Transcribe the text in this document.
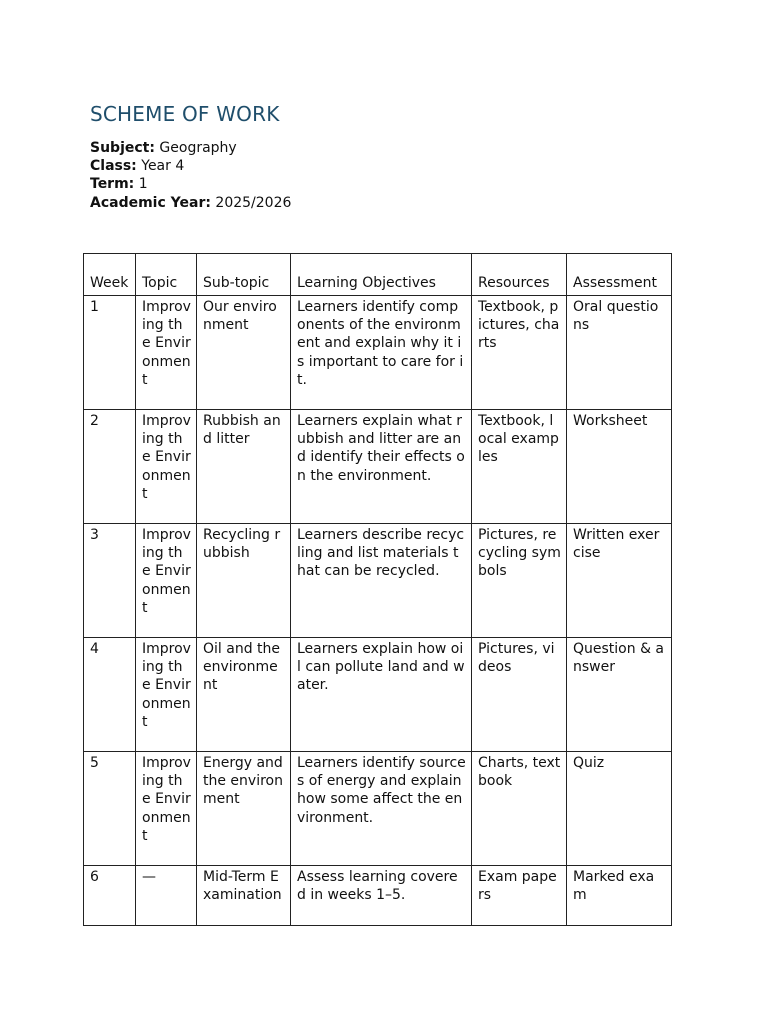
SCHEME OF WORK
Subject: Geography
Class: Year 4
Term: 1
Academic Year: 2025/2026
Week	Topic	Sub-topic	Learning Objectives	Resources	Assessment
1	Improving the Environment	Our environment	Learners identify components of the environment and explain why it is important to care for it.	Textbook, pictures, charts	Oral questions
2	Improving the Environment	Rubbish and litter	Learners explain what rubbish and litter are and identify their effects on the environment.	Textbook, local examples	Worksheet
3	Improving the Environment	Recycling rubbish	Learners describe recycling and list materials that can be recycled.	Pictures, recycling symbols	Written exercise
4	Improving the Environment	Oil and the environment	Learners explain how oil can pollute land and water.	Pictures, videos	Question & answer
5	Improving the Environment	Energy and the environment	Learners identify sources of energy and explain how some affect the environment.	Charts, textbook	Quiz
6	—	Mid-Term Examination	Assess learning covered in weeks 1–5.	Exam papers	Marked exam
